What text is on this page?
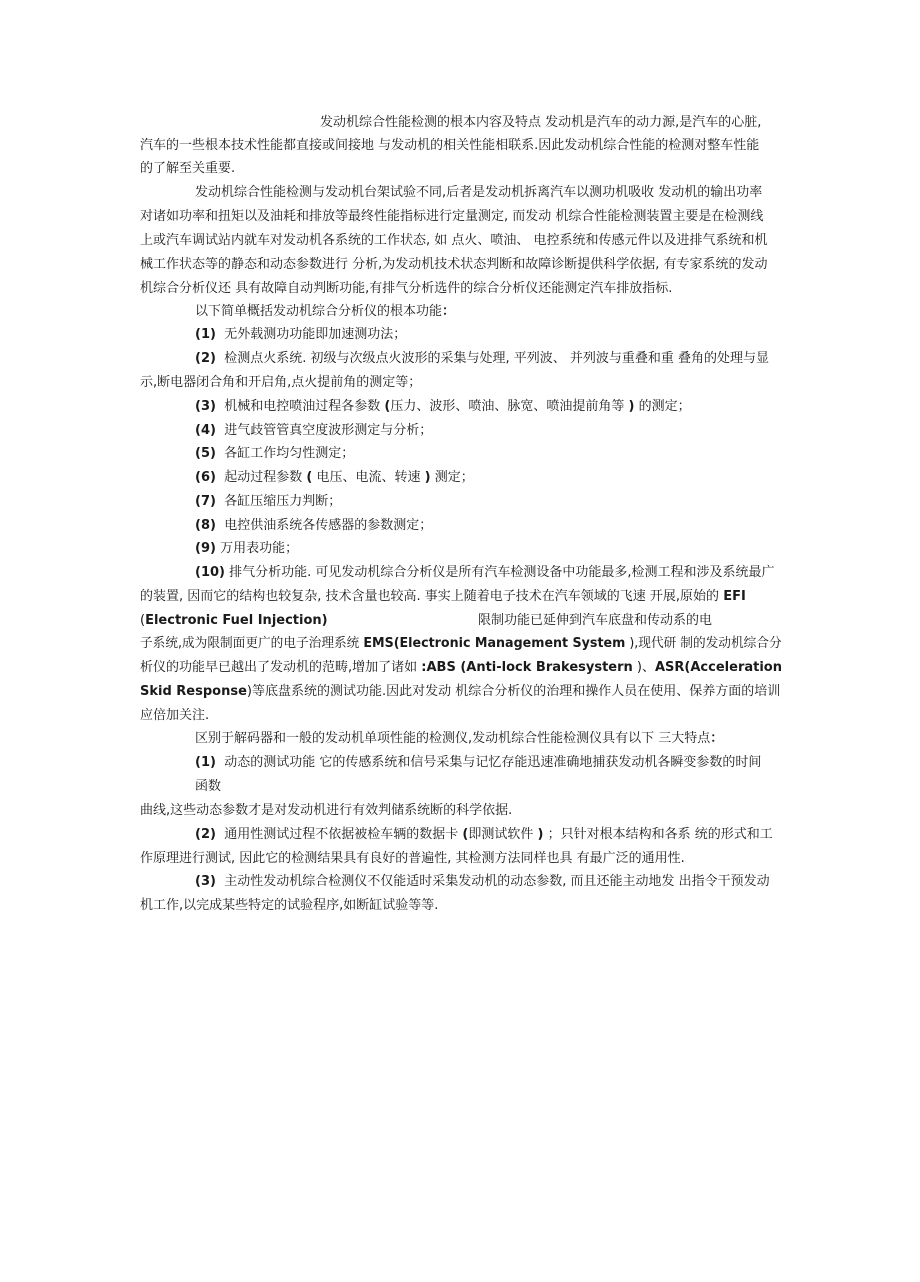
发动机综合性能检测的根本内容及特点 发动机是汽车的动力源,是汽车的心脏,
汽车的一些根本技术性能都直接或间接地 与发动机的相关性能相联系.因此发动机综合性能的检测对整车性能
的了解至关重要.
发动机综合性能检测与发动机台架试验不同,后者是发动机拆离汽车以测功机吸收 发动机的输出功率
对诸如功率和扭矩以及油耗和排放等最终性能指标进行定量测定, 而发动 机综合性能检测装置主要是在检测线
上或汽车调试站内就车对发动机各系统的工作状态, 如 点火、喷油、 电控系统和传感元件以及进排气系统和机
械工作状态等的静态和动态参数进行 分析,为发动机技术状态判断和故障诊断提供科学依据, 有专家系统的发动
机综合分析仪还 具有故障自动判断功能,有排气分析选件的综合分析仪还能测定汽车排放指标.
以下简单概括发动机综合分析仪的根本功能：
(1) 无外载测功功能即加速测功法；
(2) 检测点火系统. 初级与次级点火波形的采集与处理, 平列波、 并列波与重叠和重 叠角的处理与显
示,断电器闭合角和开启角,点火提前角的测定等；
(3) 机械和电控喷油过程各参数 (压力、波形、喷油、脉宽、喷油提前角等 ) 的测定；
(4) 进气歧管管真空度波形测定与分析；
(5) 各缸工作均匀性测定；
(6) 起动过程参数 ( 电压、电流、转速 ) 测定；
(7) 各缸压缩压力判断；
(8) 电控供油系统各传感器的参数测定；
(9) 万用表功能；
(10) 排气分析功能. 可见发动机综合分析仪是所有汽车检测设备中功能最多,检测工程和涉及系统最广
的装置, 因而它的结构也较复杂, 技术含量也较高. 事实上随着电子技术在汽车领域的飞速 开展,原始的 EFI
(Electronic Fuel Injection)	限制功能已延伸到汽车底盘和传动系的电
子系统,成为限制面更广的电子治理系统 EMS(Electronic Management System ),现代研 制的发动机综合分
析仪的功能早已越出了发动机的范畴,增加了诸如 :ABS (Anti-lock Brakesystern )、ASR(Acceleration
Skid Response)等底盘系统的测试功能.因此对发动 机综合分析仪的治理和操作人员在使用、保养方面的培训
应倍加关注.
区别于解码器和一般的发动机单项性能的检测仪,发动机综合性能检测仪具有以下 三大特点：
(1) 动态的测试功能 它的传感系统和信号采集与记忆存能迅速准确地捕获发动机各瞬变参数的时间
函数
曲线,这些动态参数才是对发动机进行有效判储系统断的科学依据.
(2) 通用性测试过程不依据被检车辆的数据卡 (即测试软件 ) ；只针对根本结构和各系 统的形式和工
作原理进行测试, 因此它的检测结果具有良好的普遍性, 其检测方法同样也具 有最广泛的通用性.
(3) 主动性发动机综合检测仪不仅能适时采集发动机的动态参数, 而且还能主动地发 出指令干预发动
机工作,以完成某些特定的试验程序,如断缸试验等等.
